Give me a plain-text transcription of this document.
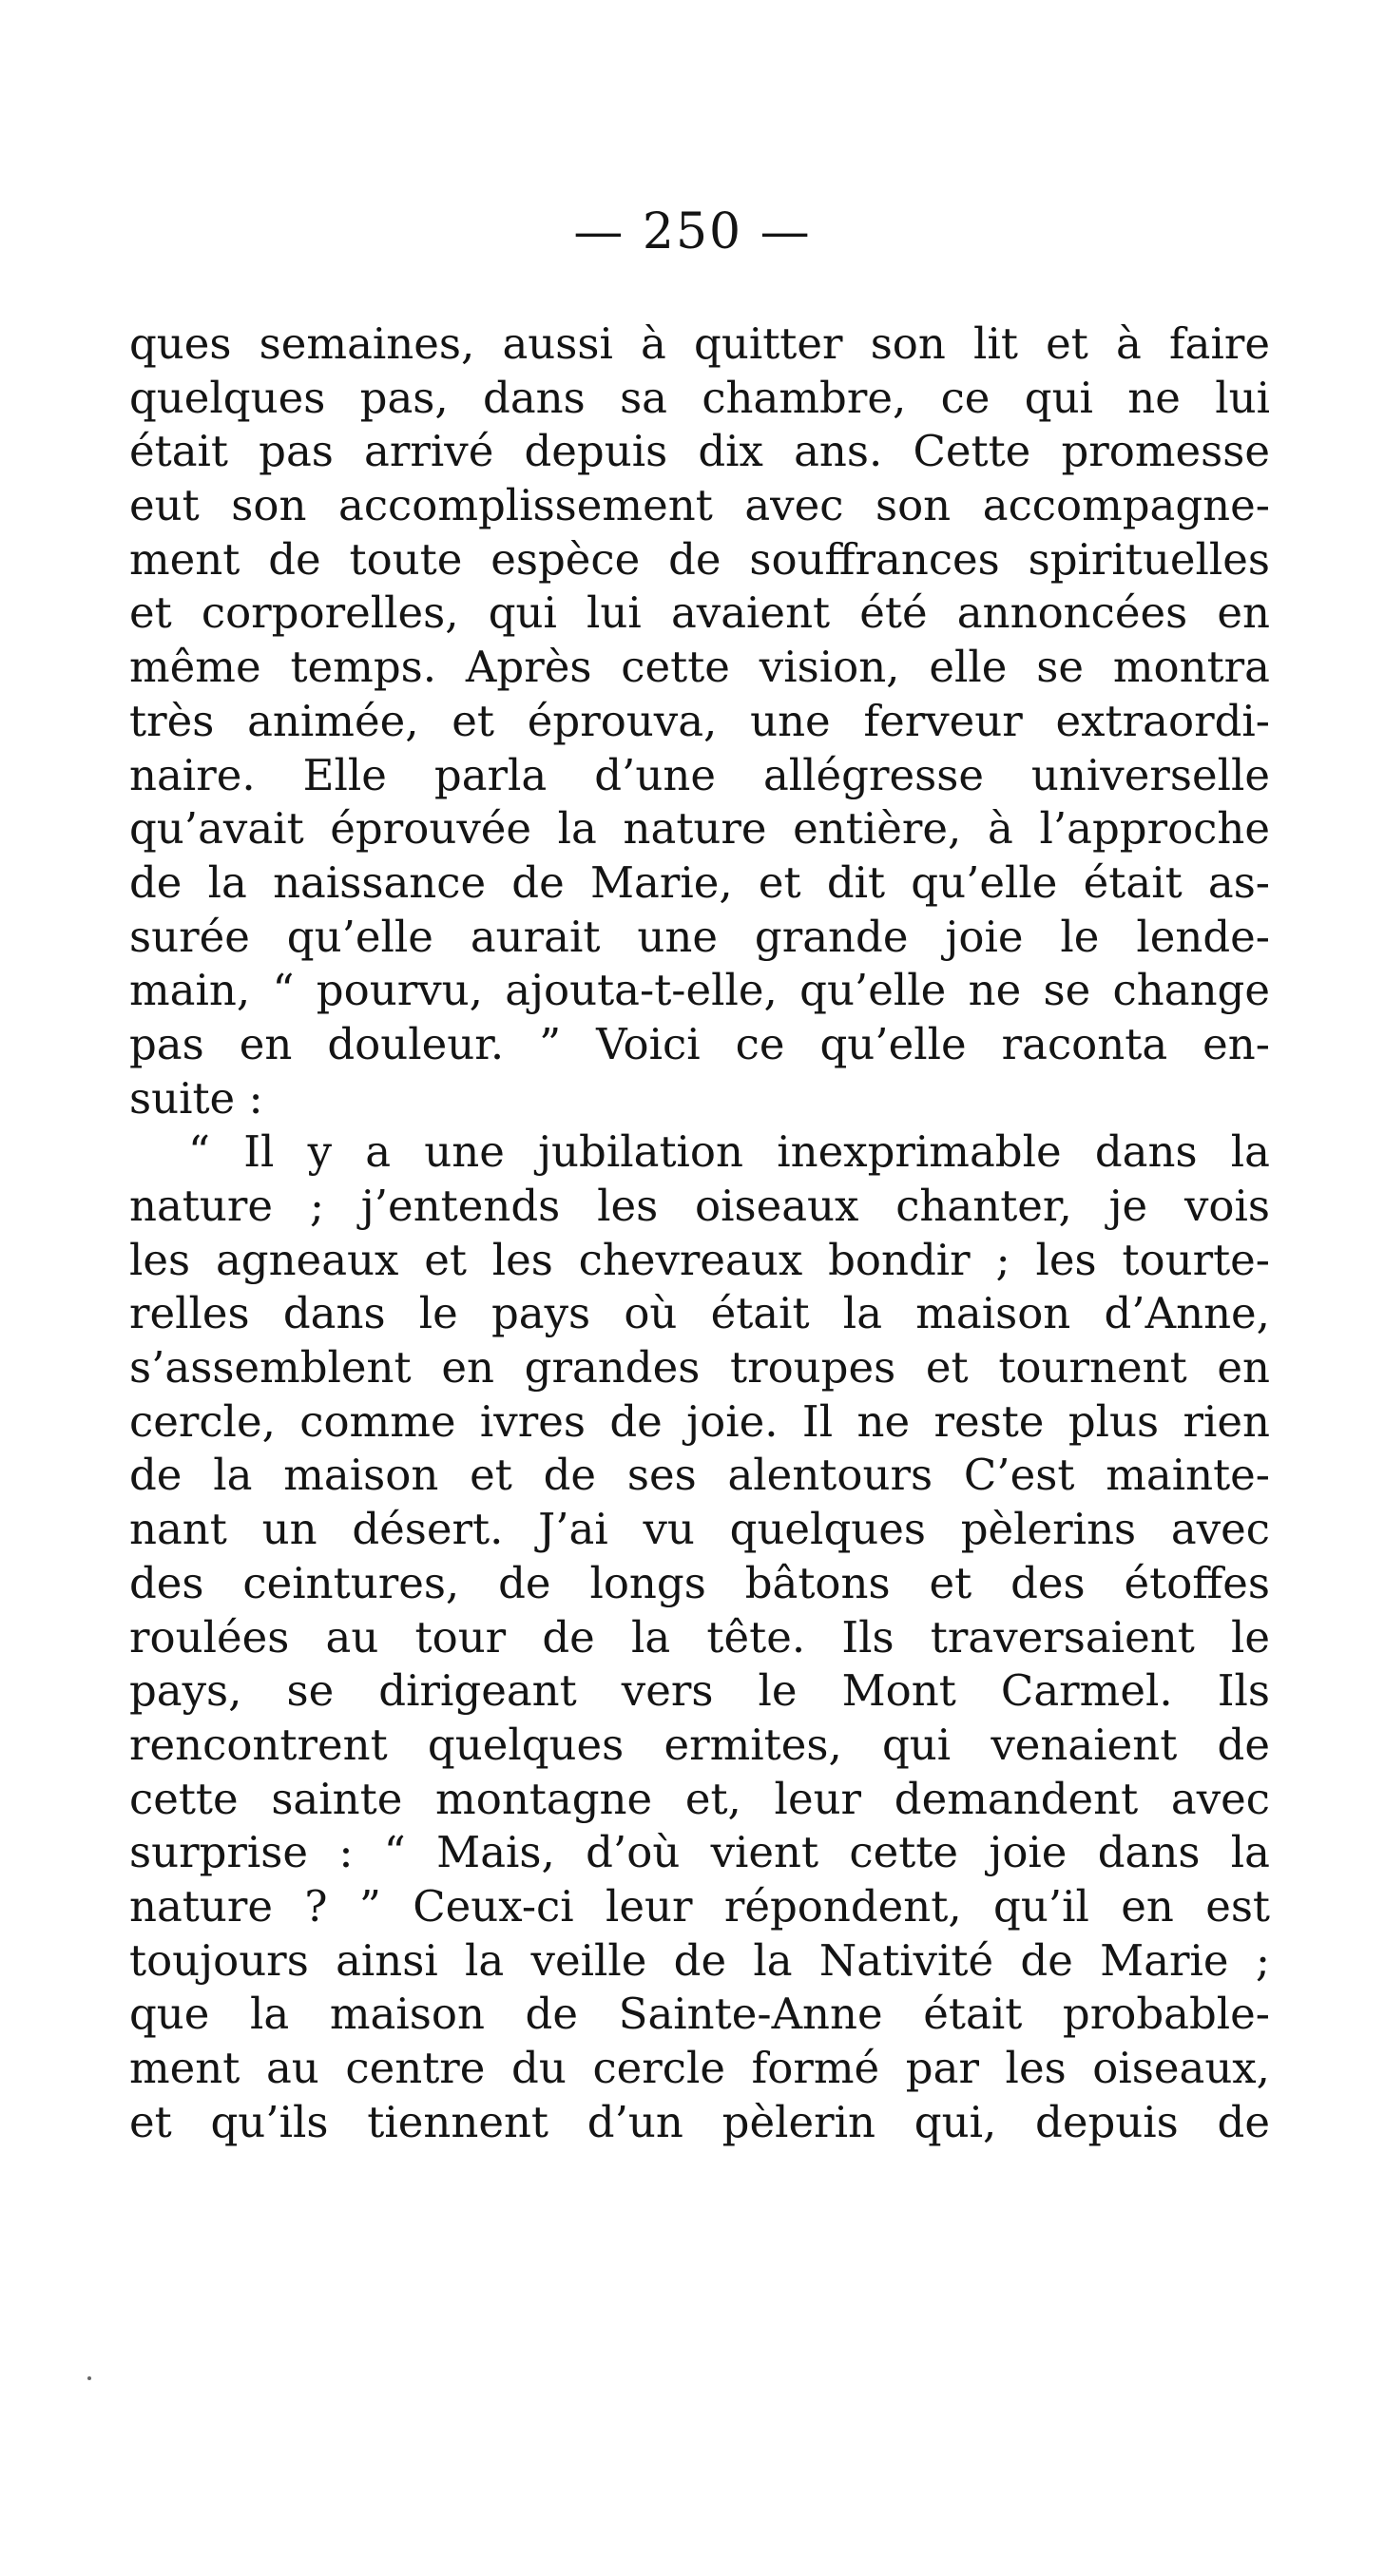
— 250 —
ques semaines, aussi à quitter son lit et à faire
quelques pas, dans sa chambre, ce qui ne lui
était pas arrivé depuis dix ans. Cette promesse
eut son accomplissement avec son accompagne-
ment de toute espèce de souffrances spirituelles
et corporelles, qui lui avaient été annoncées en
même temps. Après cette vision, elle se montra
très animée, et éprouva, une ferveur extraordi-
naire. Elle parla d’une allégresse universelle
qu’avait éprouvée la nature entière, à l’approche
de la naissance de Marie, et dit qu’elle était as-
surée qu’elle aurait une grande joie le lende-
main, “ pourvu, ajouta-t-elle, qu’elle ne se change
pas en douleur. ” Voici ce qu’elle raconta en-
suite :
“ Il y a une jubilation inexprimable dans la
nature ; j’entends les oiseaux chanter, je vois
les agneaux et les chevreaux bondir ; les tourte-
relles dans le pays où était la maison d’Anne,
s’assemblent en grandes troupes et tournent en
cercle, comme ivres de joie. Il ne reste plus rien
de la maison et de ses alentours C’est mainte-
nant un désert. J’ai vu quelques pèlerins avec
des ceintures, de longs bâtons et des étoffes
roulées au tour de la tête. Ils traversaient le
pays, se dirigeant vers le Mont Carmel. Ils
rencontrent quelques ermites, qui venaient de
cette sainte montagne et, leur demandent avec
surprise : “ Mais, d’où vient cette joie dans la
nature ? ” Ceux-ci leur répondent, qu’il en est
toujours ainsi la veille de la Nativité de Marie ;
que la maison de Sainte-Anne était probable-
ment au centre du cercle formé par les oiseaux,
et qu’ils tiennent d’un pèlerin qui, depuis de
